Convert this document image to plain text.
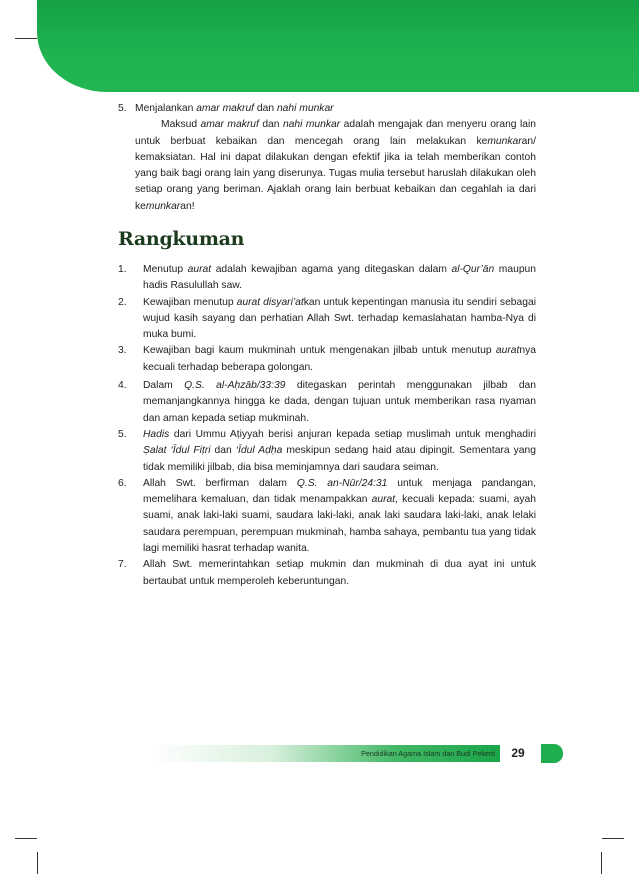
5. Menjalankan amar makruf dan nahi munkar
Maksud amar makruf dan nahi munkar adalah mengajak dan menyeru orang lain untuk berbuat kebaikan dan mencegah orang lain melakukan kemunkaran/ kemaksiatan. Hal ini dapat dilakukan dengan efektif jika ia telah memberikan contoh yang baik bagi orang lain yang diserunya. Tugas mulia tersebut haruslah dilakukan oleh setiap orang yang beriman. Ajaklah orang lain berbuat kebaikan dan cegahlah ia dari kemunkaran!
Rangkuman
1.	Menutup aurat adalah kewajiban agama yang ditegaskan dalam al-Qur’ān maupun hadis Rasulullah saw.
2.	Kewajiban menutup aurat disyari’atkan untuk kepentingan manusia itu sendiri sebagai wujud kasih sayang dan perhatian Allah Swt. terhadap kemaslahatan hamba-Nya di muka bumi.
3.	Kewajiban bagi kaum mukminah untuk mengenakan jilbab untuk menutup auratnya kecuali terhadap beberapa golongan.
4.	Dalam Q.S. al-Aḥzāb/33:39 ditegaskan perintah menggunakan jilbab dan memanjangkannya hingga ke dada, dengan tujuan untuk memberikan rasa nyaman dan aman kepada setiap mukminah.
5.	Hadis dari Ummu Aṭiyyah berisi anjuran kepada setiap muslimah untuk menghadiri Ṣalat ‘Īdul Fiṭri dan ‘Īdul Aḍḥa meskipun sedang haid atau dipingit. Sementara yang tidak memiliki jilbab, dia bisa meminjamnya dari saudara seiman.
6.	Allah Swt. berfirman dalam Q.S. an-Nūr/24:31 untuk menjaga pandangan, memelihara kemaluan, dan tidak menampakkan aurat, kecuali kepada: suami, ayah suami, anak laki-laki suami, saudara laki-laki, anak laki saudara laki-laki, anak lelaki saudara perempuan, perempuan mukminah, hamba sahaya, pembantu tua yang tidak lagi memiliki hasrat terhadap wanita.
7.	Allah Swt. memerintahkan setiap mukmin dan mukminah di dua ayat ini untuk bertaubat untuk memperoleh keberuntungan.
Pendidikan Agama Islam dan Budi Pekerti	29
